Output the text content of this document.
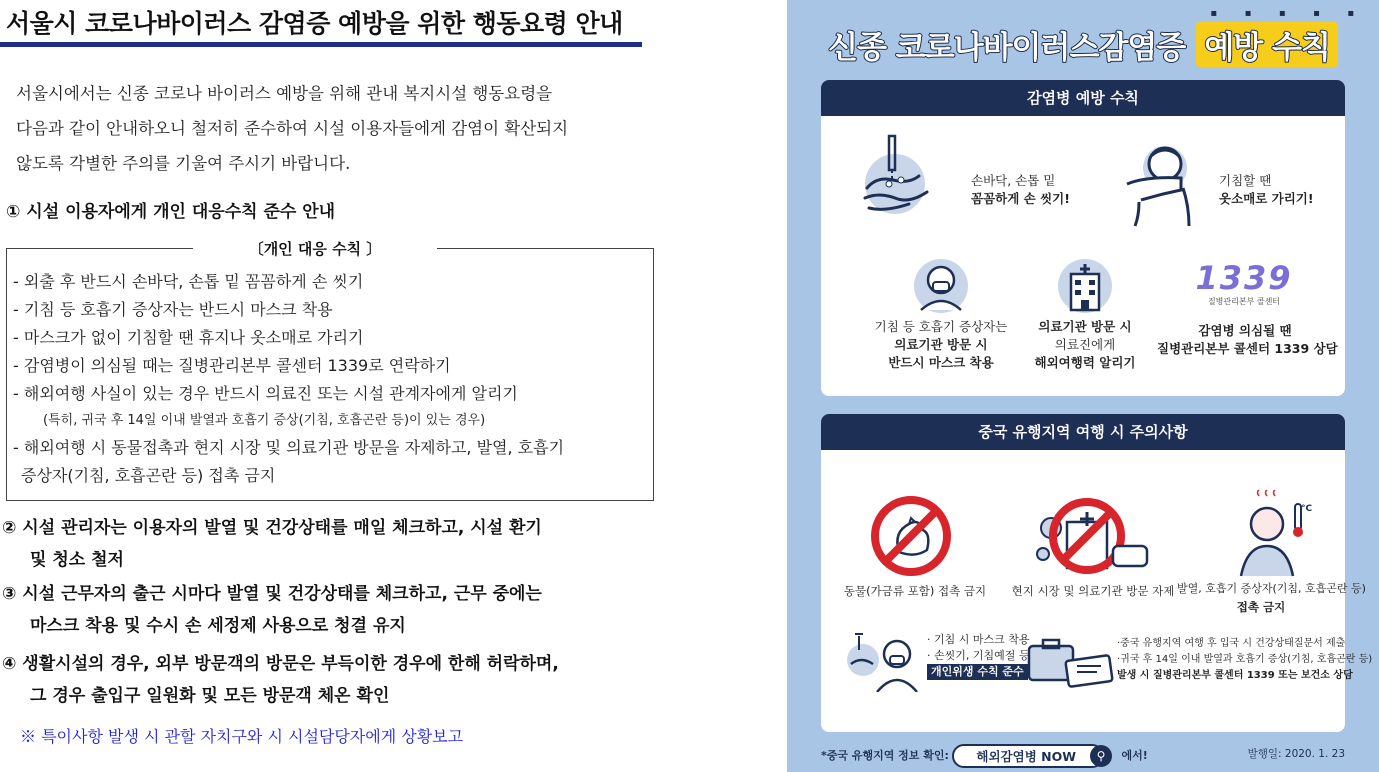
서울시 코로나바이러스 감염증 예방을 위한 행동요령 안내
서울시에서는 신종 코로나 바이러스 예방을 위해 관내 복지시설 행동요령을
다음과 같이 안내하오니 철저히 준수하여 시설 이용자들에게 감염이 확산되지
않도록 각별한 주의를 기울여 주시기 바랍니다.
① 시설 이용자에게 개인 대응수칙 준수 안내
〔개인 대응 수칙 〕
- 외출 후 반드시 손바닥, 손톱 밑 꼼꼼하게 손 씻기
- 기침 등 호흡기 증상자는 반드시 마스크 착용
- 마스크가 없이 기침할 땐 휴지나 옷소매로 가리기
- 감염병이 의심될 때는 질병관리본부 콜센터 1339로 연락하기
- 해외여행 사실이 있는 경우 반드시 의료진 또는 시설 관계자에게 알리기
(특히, 귀국 후 14일 이내 발열과 호흡기 증상(기침, 호흡곤란 등)이 있는 경우)
- 해외여행 시 동물접촉과 현지 시장 및 의료기관 방문을 자제하고, 발열, 호흡기
증상자(기침, 호흡곤란 등) 접촉 금지
② 시설 관리자는 이용자의 발열 및 건강상태를 매일 체크하고, 시설 환기
및 청소 철저
③ 시설 근무자의 출근 시마다 발열 및 건강상태를 체크하고, 근무 중에는
마스크 착용 및 수시 손 세정제 사용으로 청결 유지
④ 생활시설의 경우, 외부 방문객의 방문은 부득이한 경우에 한해 허락하며,
그 경우 출입구 일원화 및 모든 방문객 체온 확인
※ 특이사항 발생 시 관할 자치구와 시 시설담당자에게 상황보고
신종 코로나바이러스감염증
▪ ▪ ▪ ▪ ▪
예방 수칙
감염병 예방 수칙
손바닥, 손톱 밑
꼼꼼하게 손 씻기!
기침할 땐
옷소매로 가리기!
기침 등 호흡기 증상자는
의료기관 방문 시
반드시 마스크 착용
의료기관 방문 시
의료진에게
해외여행력 알리기
1339
질병관리본부 콜센터
감염병 의심될 땐
질병관리본부 콜센터 1339 상담
중국 유행지역 여행 시 주의사항
동물(가금류 포함) 접촉 금지	현지 시장 및 의료기관 방문 자제
°C
발열, 호흡기 증상자(기침, 호흡곤란 등)
접촉 금지
· 기침 시 마스크 착용
· 손씻기, 기침예절 등
개인위생 수칙 준수
·중국 유행지역 여행 후 입국 시 건강상태질문서 제출
·귀국 후 14일 이내 발열과 호흡기 증상(기침, 호흡곤란 등)
발생 시 질병관리본부 콜센터 1339 또는 보건소 상담
*중국 유행지역 정보 확인: 해외감염병 NOW	⚲	에서!	발행일: 2020. 1. 23
